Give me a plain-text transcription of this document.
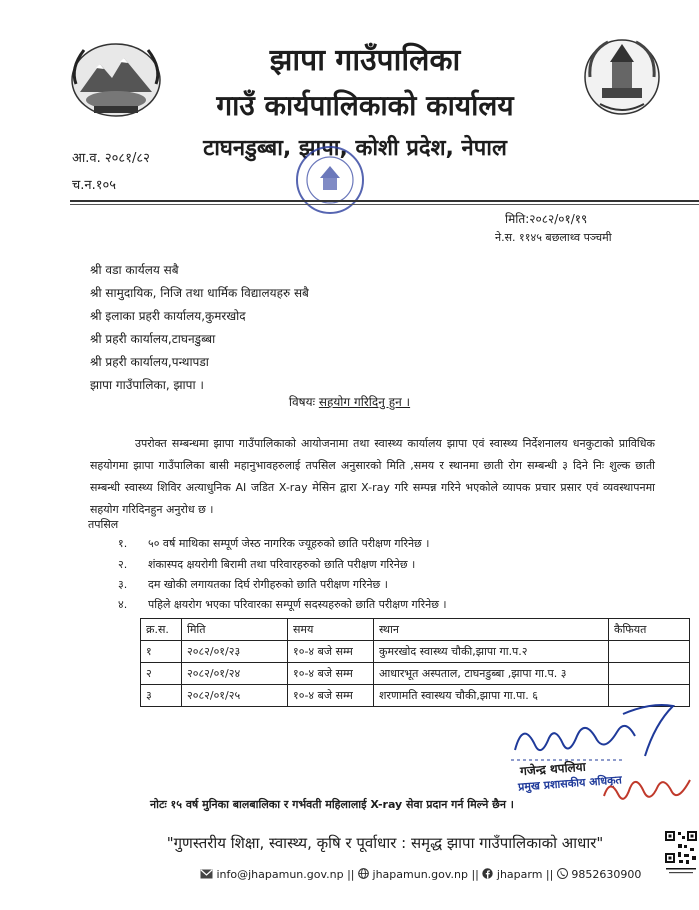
झापा गाउँपालिका
गाउँ कार्यपालिकाको कार्यालय
टाघनडुब्बा, झापा, कोशी प्रदेश, नेपाल
आ.व. २०८१/८२
च.न.१०५
मिति:२०८२/०१/१९
ने.स. ११४५ बछलाथ्व पञ्चमी
श्री वडा कार्यलय सबै
श्री सामुदायिक, निजि तथा धार्मिक विद्यालयहरु सबै
श्री इलाका प्रहरी कार्यालय,कुमरखोद
श्री प्रहरी कार्यालय,टाघनडुब्बा
श्री प्रहरी कार्यालय,पन्थापडा
झापा गाउँपालिका, झापा ।
विषयः सहयोग गरिदिनु हुन ।
उपरोक्त सम्बन्धमा झापा गाउँपालिकाको आयोजनामा तथा स्वास्थ्य कार्यालय झापा एवं स्वास्थ्य निर्देशनालय धनकुटाको प्राविधिक सहयोगमा झापा गाउँपालिका बासी महानुभावहरुलाई तपसिल अनुसारको मिति ,समय र स्थानमा छाती रोग सम्बन्धी ३ दिने निः शुल्क छाती सम्बन्धी स्वास्थ्य शिविर अत्याधुनिक AI जडित X-ray मेसिन द्वारा X-ray गरि सम्पन्न गरिने भएकोले व्यापक प्रचार प्रसार एवं व्यवस्थापनमा सहयोग गरिदिनहुन अनुरोध छ ।
तपसिल
१. ५० वर्ष माथिका सम्पूर्ण जेस्ठ नागरिक ज्यूहरुको छाति परीक्षण गरिनेछ ।
२. शंकास्पद क्षयरोगी बिरामी तथा परिवारहरुको छाति परीक्षण गरिनेछ ।
३. दम खोकी लगायतका दिर्घ रोगीहरुको छाति परीक्षण गरिनेछ ।
४. पहिले क्षयरोग भएका परिवारका सम्पूर्ण सदस्यहरुको छाति परीक्षण गरिनेछ ।
क्र.स.	मिति	समय	स्थान	कैफियत
१	२०८२/०१/२३	१०-४ बजे सम्म	कुमरखोद स्वास्थ्य चौकी,झापा गा.प.२	
२	२०८२/०१/२४	१०-४ बजे सम्म	आधारभूत अस्पताल, टाघनडुब्बा ,झापा गा.प. ३	
३	२०८२/०१/२५	१०-४ बजे सम्म	शरणामति स्वास्थय चौकी,झापा गा.पा. ६	
गजेन्द्र थपलिया
प्रमुख प्रशासकीय अधिकृत
नोटः १५ वर्ष मुनिका बालबालिका र गर्भवती महिलालाई X-ray सेवा प्रदान गर्न मिल्ने छैन ।
"गुणस्तरीय शिक्षा, स्वास्थ्य, कृषि र पूर्वाधार : समृद्ध झापा गाउँपालिकाको आधार"
info@jhapamun.gov.np ||  jhapamun.gov.np ||  jhaparm ||  9852630900
